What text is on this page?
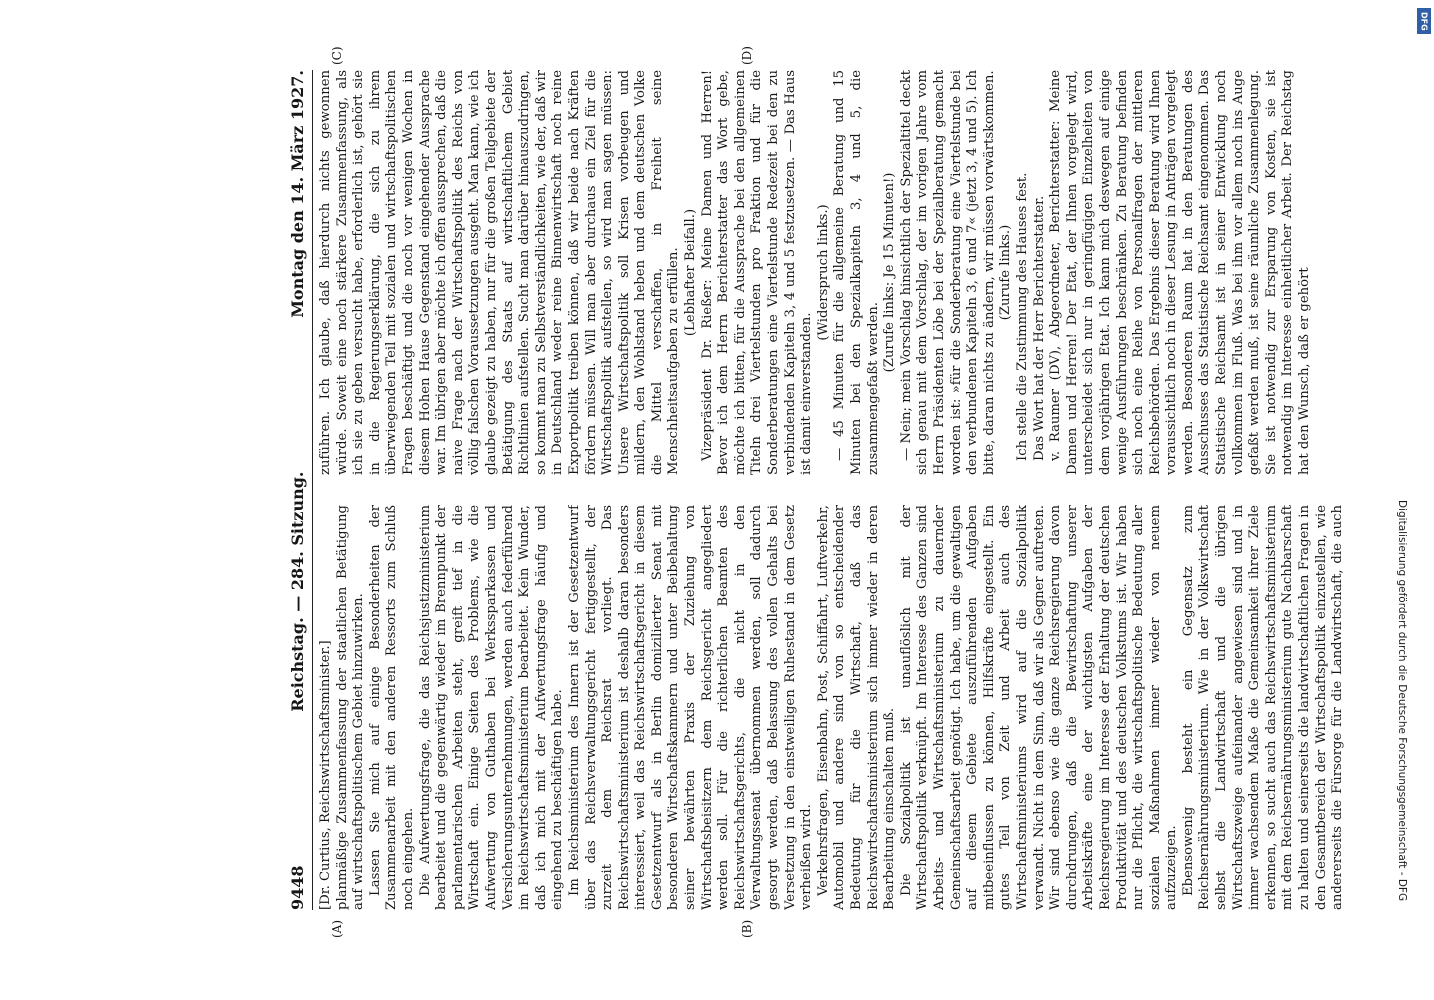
9448
Reichstag. — 284. Sitzung.
Montag den 14. März 1927.
(A)	(B)
(C)	(D)

[Dr. Curtius, Reichswirtschaftsminister.] planmäßige Zusammenfassung der staatlichen Betätigung auf wirtschaftspolitischem Gebiet hinzuwirken. Lassen Sie mich auf einige Besonderheiten der Zusammenarbeit mit den anderen Ressorts zum Schluß noch eingehen. Die Aufwertungsfrage, die das Reichsjustizministerium bearbeitet und die gegenwärtig wieder im Brennpunkt der parlamentarischen Arbeiten steht, greift tief in die Wirtschaft ein. Einige Seiten des Problems, wie die Aufwertung von Guthaben bei Werkssparkassen und Versicherungsunternehmungen, werden auch federführend im Reichswirtschaftsministerium bearbeitet. Kein Wunder, daß ich mich mit der Aufwertungsfrage häufig und eingehend zu beschäftigen habe. Im Reichsministerium des Innern ist der Gesetzentwurf über das Reichsverwaltungsgericht fertiggestellt, der zurzeit dem Reichsrat vorliegt. Das Reichswirtschaftsministerium ist deshalb daran besonders interessiert, weil das Reichswirtschaftsgericht in diesem Gesetzentwurf als in Berlin domizilierter Senat mit besonderen Wirtschaftskammern und unter Beibehaltung seiner bewährten Praxis der Zuziehung von Wirtschaftsbeisitzern dem Reichsgericht angegliedert werden soll. Für die richterlichen Beamten des Reichswirtschaftsgerichts, die nicht in den Verwaltungssenat übernommen werden, soll dadurch gesorgt werden, daß Belassung des vollen Gehalts bei Versetzung in den einstweiligen Ruhestand in dem Gesetz verheißen wird. Verkehrsfragen, Eisenbahn, Post, Schiffahrt, Luftverkehr, Automobil und andere sind von so entscheidender Bedeutung für die Wirtschaft, daß das Reichswirtschaftsministerium sich immer wieder in deren Bearbeitung einschalten muß. Die Sozialpolitik ist unauflöslich mit der Wirtschaftspolitik verknüpft. Im Interesse des Ganzen sind Arbeits- und Wirtschaftsministerium zu dauernder Gemeinschaftsarbeit genötigt. Ich habe, um die gewaltigen auf diesem Gebiete auszuführenden Aufgaben mitbeeinflussen zu können, Hilfskräfte eingestellt. Ein gutes Teil von Zeit und Arbeit auch des Wirtschaftsministeriums wird auf die Sozialpolitik verwandt. Nicht in dem Sinn, daß wir als Gegner auftreten. Wir sind ebenso wie die ganze Reichsregierung davon durchdrungen, daß die Bewirtschaftung unserer Arbeitskräfte eine der wichtigsten Aufgaben der Reichsregierung im Interesse der Erhaltung der deutschen Produktivität und des deutschen Volkstums ist. Wir haben nur die Pflicht, die wirtschaftspolitische Bedeutung aller sozialen Maßnahmen immer wieder von neuem aufzuzeigen. Ebensowenig besteht ein Gegensatz zum Reichsernährungsministerium. Wie in der Volkswirtschaft selbst die Landwirtschaft und die übrigen Wirtschaftszweige aufeinander angewiesen sind und in immer wachsendem Maße die Gemeinsamkeit ihrer Ziele erkennen, so sucht auch das Reichswirtschaftsministerium mit dem Reichsernährungsministerium gute Nachbarschaft zu halten und seinerseits die landwirtschaftlichen Fragen in den Gesamtbereich der Wirtschaftspolitik einzustellen, wie andererseits die Fürsorge für die Landwirtschaft, die auch

zuführen. Ich glaube, daß hierdurch nichts gewonnen würde. Soweit eine noch stärkere Zusammenfassung, als ich sie zu geben versucht habe, erforderlich ist, gehört sie in die Regierungserklärung, die sich zu ihrem überwiegenden Teil mit sozialen und wirtschaftspolitischen Fragen beschäftigt und die noch vor wenigen Wochen in diesem Hohen Hause Gegenstand eingehender Aussprache war. Im übrigen aber möchte ich offen aussprechen, daß die naive Frage nach der Wirtschaftspolitik des Reichs von völlig falschen Voraussetzungen ausgeht. Man kann, wie ich glaube gezeigt zu haben, nur für die großen Teilgebiete der Betätigung des Staats auf wirtschaftlichem Gebiet Richtlinien aufstellen. Sucht man darüber hinauszudringen, so kommt man zu Selbstverständlichkeiten, wie der, daß wir in Deutschland weder reine Binnenwirtschaft noch reine Exportpolitik treiben können, daß wir beide nach Kräften fördern müssen. Will man aber durchaus ein Ziel für die Wirtschaftspolitik aufstellen, so wird man sagen müssen: Unsere Wirtschaftspolitik soll Krisen vorbeugen und mildern, den Wohlstand heben und dem deutschen Volke die Mittel verschaffen, in Freiheit seine Menschheitsaufgaben zu erfüllen. (Lebhafter Beifall.) Vizepräsident Dr. Rießer: Meine Damen und Herren! Bevor ich dem Herrn Berichterstatter das Wort gebe, möchte ich bitten, für die Aussprache bei den allgemeinen Titeln drei Viertelstunden pro Fraktion und für die Sonderberatungen eine Viertelstunde Redezeit bei den zu verbindenden Kapiteln 3, 4 und 5 festzusetzen. — Das Haus ist damit einverstanden.

(Widerspruch links.) — 45 Minuten für die allgemeine Beratung und 15 Minuten bei den Spezialkapiteln 3, 4 und 5, die zusammengefaßt werden.

(Zurufe links: Je 15 Minuten!) — Nein; mein Vorschlag hinsichtlich der Spezialtitel deckt sich genau mit dem Vorschlag, der im vorigen Jahre vom Herrn Präsidenten Löbe bei der Spezialberatung gemacht worden ist: »für die Sonderberatung eine Viertelstunde bei den verbundenen Kapiteln 3, 6 und 7« (jetzt 3, 4 und 5). Ich bitte, daran nichts zu ändern, wir müssen vorwärtskommen. (Zurufe links.) Ich stelle die Zustimmung des Hauses fest. Das Wort hat der Herr Berichterstatter. v. Raumer (DV), Abgeordneter, Berichterstatter: Meine Damen und Herren! Der Etat, der Ihnen vorgelegt wird, unterscheidet sich nur in geringfügigen Einzelheiten von dem vorjährigen Etat. Ich kann mich deswegen auf einige wenige Ausführungen beschränken. Zu Beratung befinden sich noch eine Reihe von Personalfragen der mittleren Reichsbehörden. Das Ergebnis dieser Beratung wird Ihnen voraussichtlich noch in dieser Lesung in Anträgen vorgelegt werden. Besonderen Raum hat in den Beratungen des Ausschusses das Statistische Reichsamt eingenommen. Das Statistische Reichsamt ist in seiner Entwicklung noch vollkommen im Fluß. Was bei ihm vor allem noch ins Auge gefaßt werden muß, ist seine räumliche Zusammenlegung. Sie ist notwendig zur Ersparung von Kosten, sie ist notwendig im Interesse einheitlicher Arbeit. Der Reichstag hat den Wunsch, daß er gehört

DFG
Digitalisierung gefördert durch die Deutsche Forschungsgemeinschaft - DFG
